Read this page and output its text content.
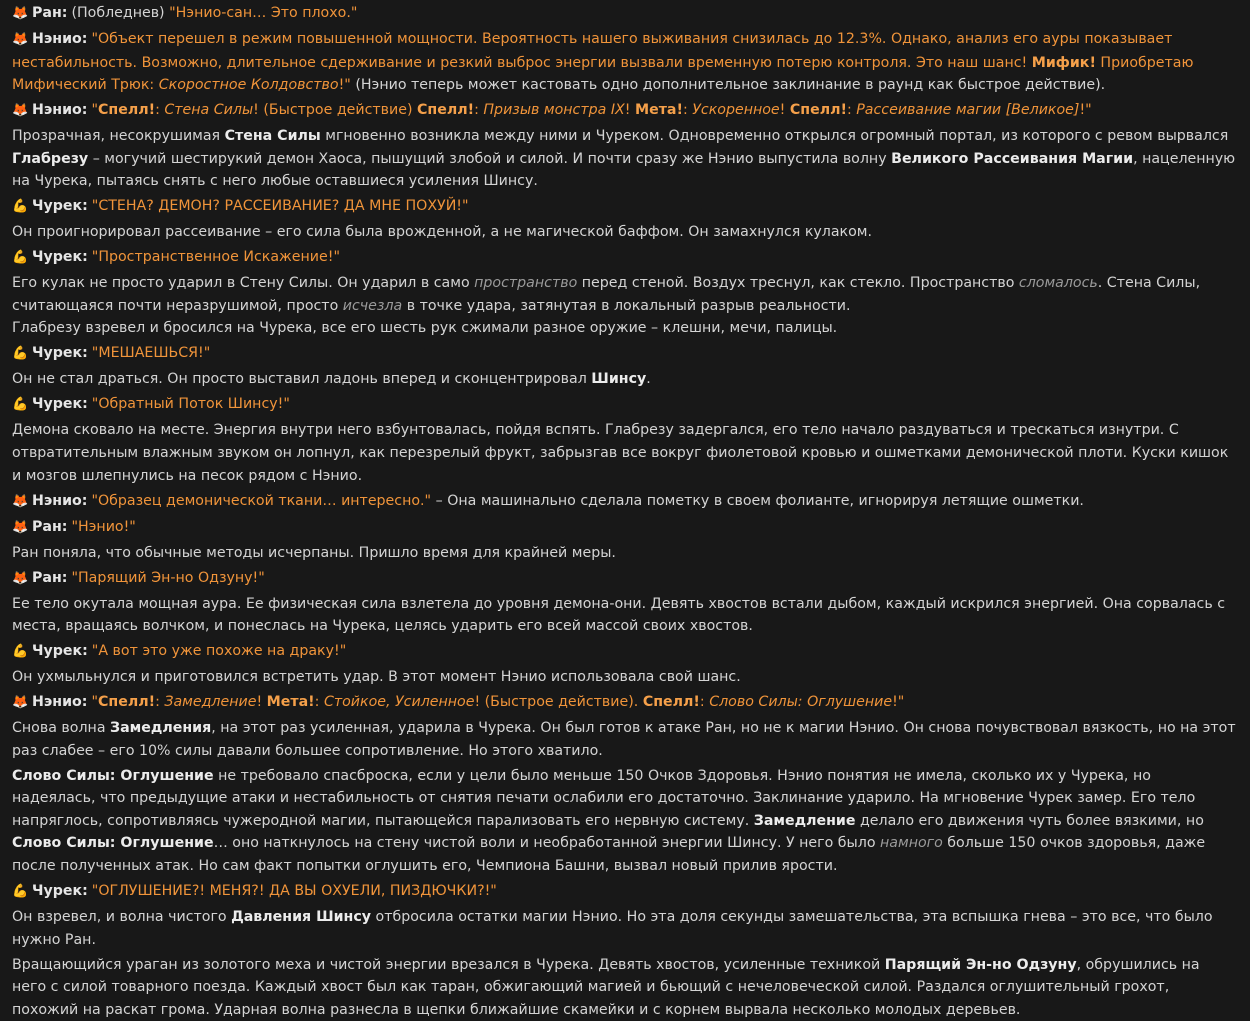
🦊 Ран: (Побледнев) "Нэнио-сан… Это плохо."
🦊 Нэнио: "Объект перешел в режим повышенной мощности. Вероятность нашего выживания снизилась до 12.3%. Однако, анализ его ауры показывает нестабильность. Возможно, длительное сдерживание и резкий выброс энергии вызвали временную потерю контроля. Это наш шанс! Мифик! Приобретаю Мифический Трюк: Скоростное Колдовство!" (Нэнио теперь может кастовать одно дополнительное заклинание в раунд как быстрое действие).
🦊 Нэнио: "Спелл!: Стена Силы! (Быстрое действие) Спелл!: Призыв монстра IX! Мета!: Ускоренное! Спелл!: Рассеивание магии [Великое]!"
Прозрачная, несокрушимая Стена Силы мгновенно возникла между ними и Чуреком. Одновременно открылся огромный портал, из которого с ревом вырвался Глабрезу – могучий шестирукий демон Хаоса, пышущий злобой и силой. И почти сразу же Нэнио выпустила волну Великого Рассеивания Магии, нацеленную на Чурека, пытаясь снять с него любые оставшиеся усиления Шинсу.
💪 Чурек: "СТЕНА? ДЕМОН? РАССЕИВАНИЕ? ДА МНЕ ПОХУЙ!"
Он проигнорировал рассеивание – его сила была врожденной, а не магической баффом. Он замахнулся кулаком.
💪 Чурек: "Пространственное Искажение!"
Его кулак не просто ударил в Стену Силы. Он ударил в само пространство перед стеной. Воздух треснул, как стекло. Пространство сломалось. Стена Силы, считающаяся почти неразрушимой, просто исчезла в точке удара, затянутая в локальный разрыв реальности.
Глабрезу взревел и бросился на Чурека, все его шесть рук сжимали разное оружие – клешни, мечи, палицы.
💪 Чурек: "МЕШАЕШЬСЯ!"
Он не стал драться. Он просто выставил ладонь вперед и сконцентрировал Шинсу.
💪 Чурек: "Обратный Поток Шинсу!"
Демона сковало на месте. Энергия внутри него взбунтовалась, пойдя вспять. Глабрезу задергался, его тело начало раздуваться и трескаться изнутри. С отвратительным влажным звуком он лопнул, как перезрелый фрукт, забрызгав все вокруг фиолетовой кровью и ошметками демонической плоти. Куски кишок и мозгов шлепнулись на песок рядом с Нэнио.
🦊 Нэнио: "Образец демонической ткани… интересно." – Она машинально сделала пометку в своем фолианте, игнорируя летящие ошметки.
🦊 Ран: "Нэнио!"
Ран поняла, что обычные методы исчерпаны. Пришло время для крайней меры.
🦊 Ран: "Парящий Эн-но Одзуну!"
Ее тело окутала мощная аура. Ее физическая сила взлетела до уровня демона-они. Девять хвостов встали дыбом, каждый искрился энергией. Она сорвалась с места, вращаясь волчком, и понеслась на Чурека, целясь ударить его всей массой своих хвостов.
💪 Чурек: "А вот это уже похоже на драку!"
Он ухмыльнулся и приготовился встретить удар. В этот момент Нэнио использовала свой шанс.
🦊 Нэнио: "Спелл!: Замедление! Мета!: Стойкое, Усиленное! (Быстрое действие). Спелл!: Слово Силы: Оглушение!"
Снова волна Замедления, на этот раз усиленная, ударила в Чурека. Он был готов к атаке Ран, но не к магии Нэнио. Он снова почувствовал вязкость, но на этот раз слабее – его 10% силы давали большее сопротивление. Но этого хватило.
Слово Силы: Оглушение не требовало спасброска, если у цели было меньше 150 Очков Здоровья. Нэнио понятия не имела, сколько их у Чурека, но надеялась, что предыдущие атаки и нестабильность от снятия печати ослабили его достаточно. Заклинание ударило. На мгновение Чурек замер. Его тело напряглось, сопротивляясь чужеродной магии, пытающейся парализовать его нервную систему. Замедление делало его движения чуть более вязкими, но Слово Силы: Оглушение… оно наткнулось на стену чистой воли и необработанной энергии Шинсу. У него было намного больше 150 очков здоровья, даже после полученных атак. Но сам факт попытки оглушить его, Чемпиона Башни, вызвал новый прилив ярости.
💪 Чурек: "ОГЛУШЕНИЕ?! МЕНЯ?! ДА ВЫ ОХУЕЛИ, ПИЗДЮЧКИ?!"
Он взревел, и волна чистого Давления Шинсу отбросила остатки магии Нэнио. Но эта доля секунды замешательства, эта вспышка гнева – это все, что было нужно Ран.
Вращающийся ураган из золотого меха и чистой энергии врезался в Чурека. Девять хвостов, усиленные техникой Парящий Эн-но Одзуну, обрушились на него с силой товарного поезда. Каждый хвост был как таран, обжигающий магией и бьющий с нечеловеческой силой. Раздался оглушительный грохот, похожий на раскат грома. Ударная волна разнесла в щепки ближайшие скамейки и с корнем вырвала несколько молодых деревьев.
